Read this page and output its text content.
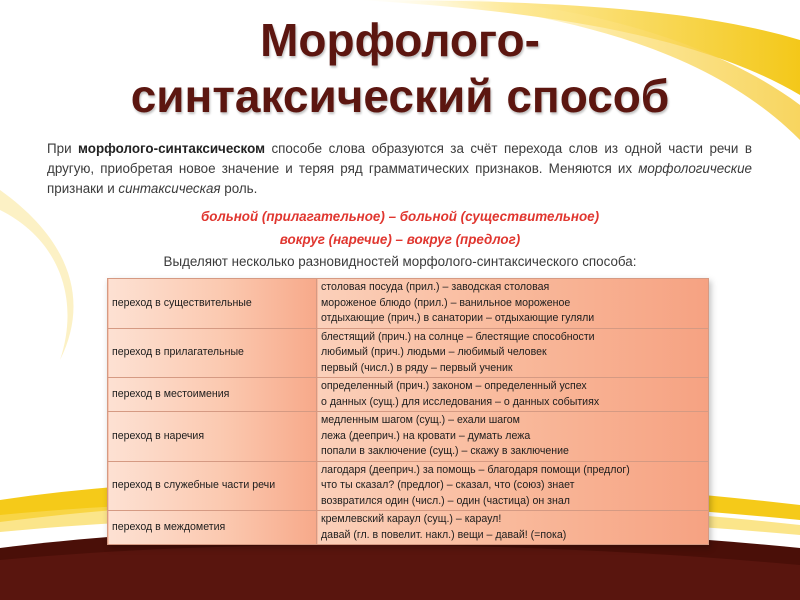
Морфолого-
синтаксический способ
При морфолого-синтаксическом способе слова образуются за счёт перехода слов из одной части речи в другую, приобретая новое значение и теряя ряд грамматических признаков. Меняются их морфологические признаки и синтаксическая роль.
больной (прилагательное) – больной (существительное)
вокруг (наречие) – вокруг (предлог)
Выделяют несколько разновидностей морфолого-синтаксического способа:
переход в существительные	столовая посуда (прил.) – заводская столовая
мороженое блюдо (прил.) – ванильное мороженое
отдыхающие (прич.) в санатории – отдыхающие гуляли

переход в прилагательные	блестящий (прич.) на солнце – блестящие способности
любимый (прич.) людьми – любимый человек
первый (числ.) в ряду – первый ученик

переход в местоимения	определенный (прич.) законом – определенный успех
о данных (сущ.) для исследования – о данных событиях

переход в наречия	медленным шагом (сущ.) – ехали шагом
лежа (дееприч.) на кровати – думать лежа
попали в заключение (сущ.) – скажу в заключение

переход в служебные части речи	лагодаря (дееприч.) за помощь – благодаря помощи (предлог)
что ты сказал? (предлог) – сказал, что (союз) знает
возвратился один (числ.) – один (частица) он знал

переход в междометия	кремлевский караул (сущ.) – караул!
давай (гл. в повелит. накл.) вещи – давай! (=пока)
